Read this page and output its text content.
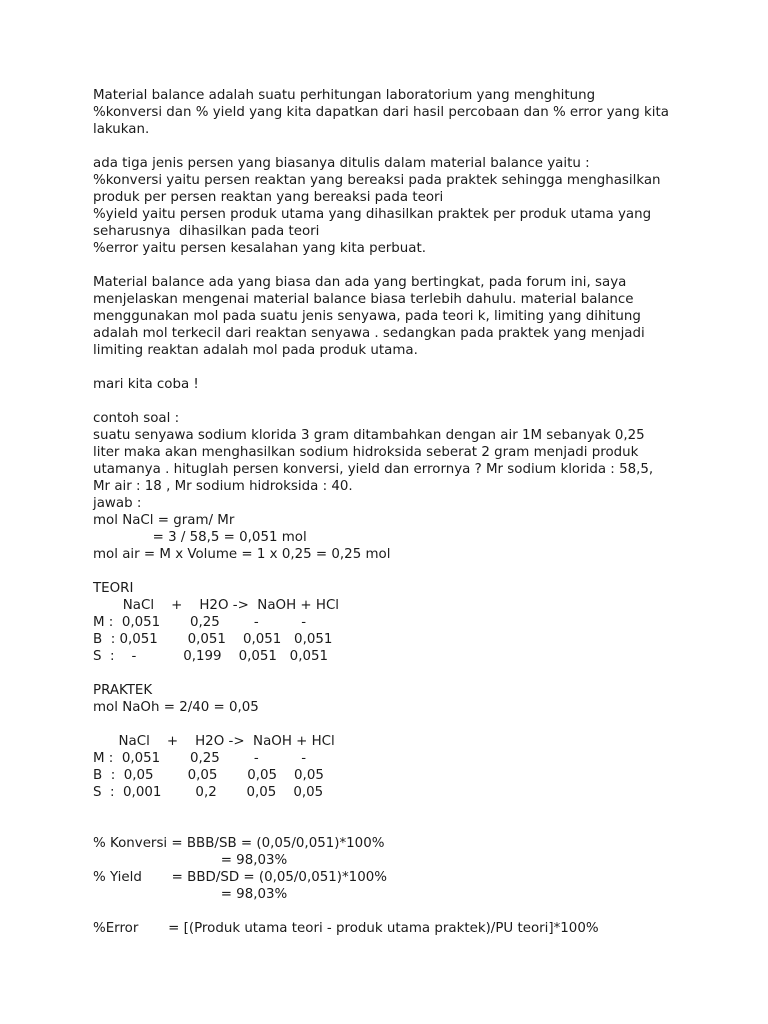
Material balance adalah suatu perhitungan laboratorium yang menghitung
%konversi dan % yield yang kita dapatkan dari hasil percobaan dan % error yang kita
lakukan.
ada tiga jenis persen yang biasanya ditulis dalam material balance yaitu :
%konversi yaitu persen reaktan yang bereaksi pada praktek sehingga menghasilkan
produk per persen reaktan yang bereaksi pada teori
%yield yaitu persen produk utama yang dihasilkan praktek per produk utama yang
seharusnya  dihasilkan pada teori
%error yaitu persen kesalahan yang kita perbuat.
Material balance ada yang biasa dan ada yang bertingkat, pada forum ini, saya
menjelaskan mengenai material balance biasa terlebih dahulu. material balance
menggunakan mol pada suatu jenis senyawa, pada teori k, limiting yang dihitung
adalah mol terkecil dari reaktan senyawa . sedangkan pada praktek yang menjadi
limiting reaktan adalah mol pada produk utama.
mari kita coba !
contoh soal :
suatu senyawa sodium klorida 3 gram ditambahkan dengan air 1M sebanyak 0,25
liter maka akan menghasilkan sodium hidroksida seberat 2 gram menjadi produk
utamanya . hituglah persen konversi, yield dan errornya ? Mr sodium klorida : 58,5,
Mr air : 18 , Mr sodium hidroksida : 40.
jawab :
mol NaCl = gram/ Mr
= 3 / 58,5 = 0,051 mol
mol air = M x Volume = 1 x 0,25 = 0,25 mol
TEORI
NaCl    +    H2O ->  NaOH + HCl
M :  0,051       0,25        -          -
B  : 0,051       0,051    0,051   0,051
S  :    -           0,199    0,051   0,051
PRAKTEK
mol NaOh = 2/40 = 0,05
NaCl    +    H2O ->  NaOH + HCl
M :  0,051       0,25        -          -
B  :  0,05        0,05       0,05    0,05
S  :  0,001        0,2       0,05    0,05
% Konversi = BBB/SB = (0,05/0,051)*100%
= 98,03%
% Yield       = BBD/SD = (0,05/0,051)*100%
= 98,03%
%Error       = [(Produk utama teori - produk utama praktek)/PU teori]*100%
